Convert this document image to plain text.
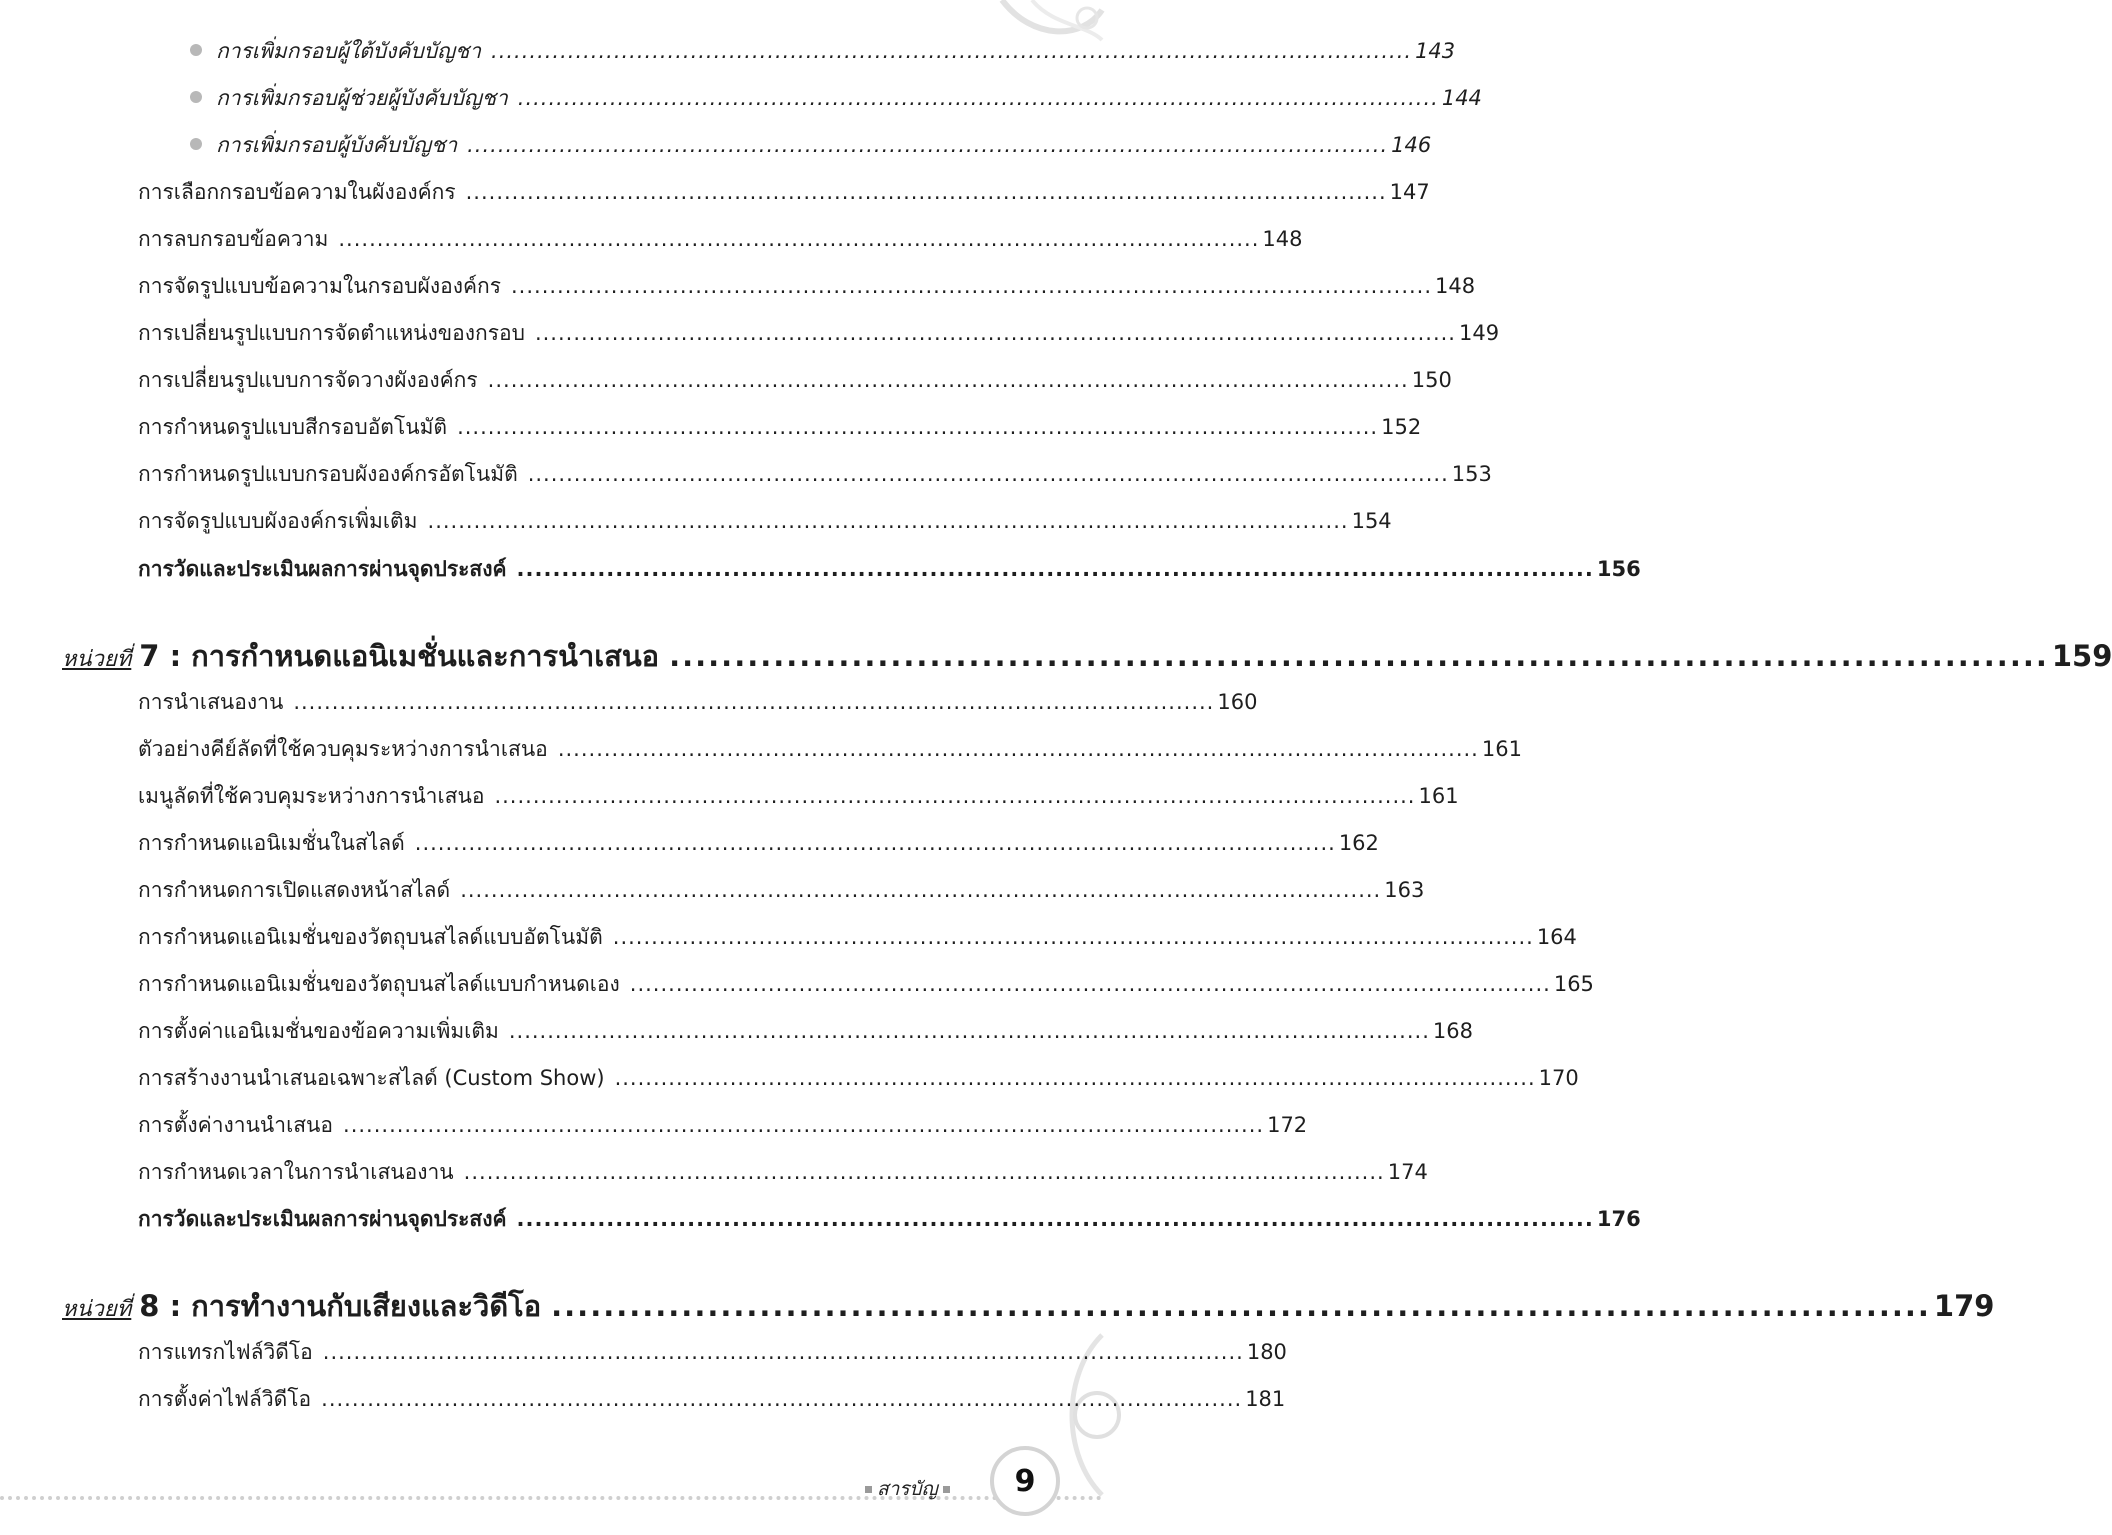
การเพิ่มกรอบผู้ใต้บังคับบัญชา ........................................................................................................................ 143
การเพิ่มกรอบผู้ช่วยผู้บังคับบัญชา ........................................................................................................................ 144
การเพิ่มกรอบผู้บังคับบัญชา ........................................................................................................................ 146
การเลือกกรอบข้อความในผังองค์กร ........................................................................................................................ 147
การลบกรอบข้อความ ........................................................................................................................ 148
การจัดรูปแบบข้อความในกรอบผังองค์กร ........................................................................................................................ 148
การเปลี่ยนรูปแบบการจัดตำแหน่งของกรอบ ........................................................................................................................ 149
การเปลี่ยนรูปแบบการจัดวางผังองค์กร ........................................................................................................................ 150
การกำหนดรูปแบบสีกรอบอัตโนมัติ ........................................................................................................................ 152
การกำหนดรูปแบบกรอบผังองค์กรอัตโนมัติ ........................................................................................................................ 153
การจัดรูปแบบผังองค์กรเพิ่มเติม ........................................................................................................................ 154
การวัดและประเมินผลการผ่านจุดประสงค์ ........................................................................................................................ 156
หน่วยที่ 7 : การกำหนดแอนิเมชั่นและการนำเสนอ .......................................................................................................... 159
การนำเสนองาน ........................................................................................................................ 160
ตัวอย่างคีย์ลัดที่ใช้ควบคุมระหว่างการนำเสนอ ........................................................................................................................ 161
เมนูลัดที่ใช้ควบคุมระหว่างการนำเสนอ ........................................................................................................................ 161
การกำหนดแอนิเมชั่นในสไลด์ ........................................................................................................................ 162
การกำหนดการเปิดแสดงหน้าสไลด์ ........................................................................................................................ 163
การกำหนดแอนิเมชั่นของวัตถุบนสไลด์แบบอัตโนมัติ ........................................................................................................................ 164
การกำหนดแอนิเมชั่นของวัตถุบนสไลด์แบบกำหนดเอง ........................................................................................................................ 165
การตั้งค่าแอนิเมชั่นของข้อความเพิ่มเติม ........................................................................................................................ 168
การสร้างงานนำเสนอเฉพาะสไลด์ (Custom Show) ........................................................................................................................ 170
การตั้งค่างานนำเสนอ ........................................................................................................................ 172
การกำหนดเวลาในการนำเสนองาน ........................................................................................................................ 174
การวัดและประเมินผลการผ่านจุดประสงค์ ........................................................................................................................ 176
หน่วยที่ 8 : การทำงานกับเสียงและวิดีโอ .......................................................................................................... 179
การแทรกไฟล์วิดีโอ ........................................................................................................................ 180
การตั้งค่าไฟล์วิดีโอ ........................................................................................................................ 181
สารบัญ	9
